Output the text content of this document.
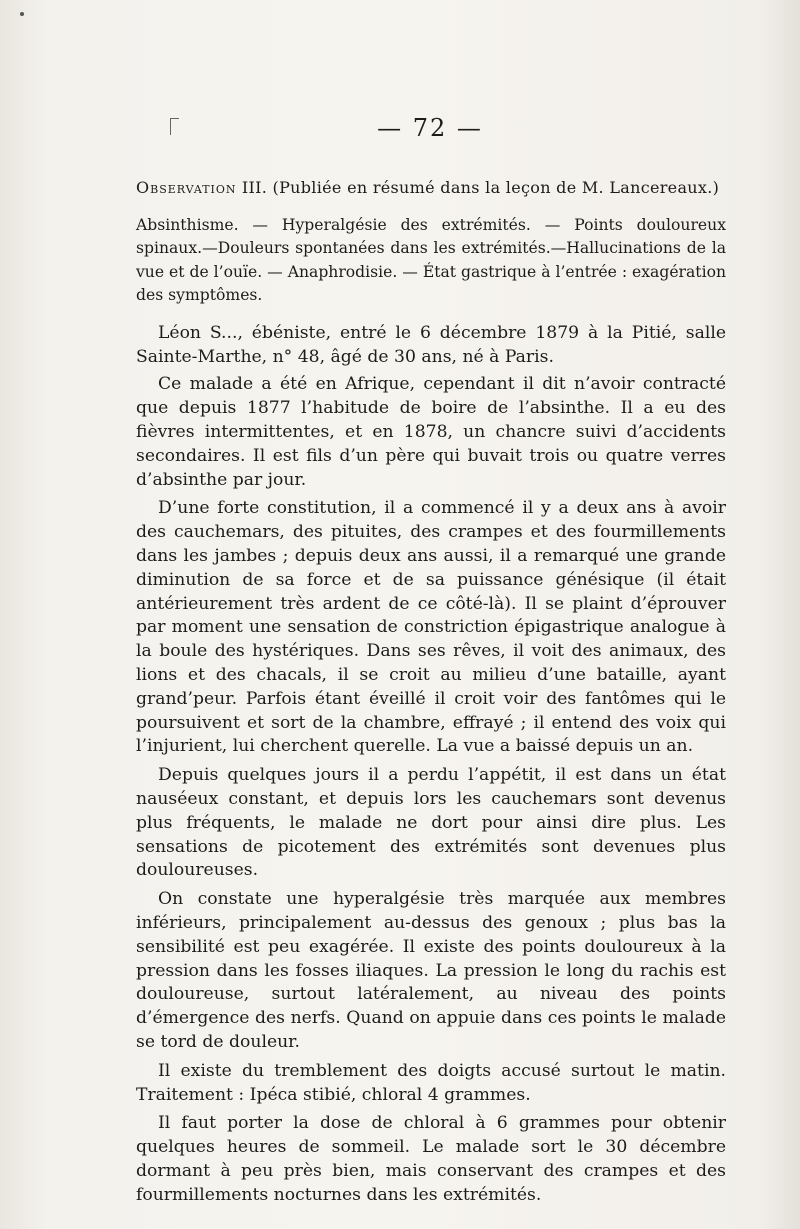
— 72 —

Observation III. (Publiée en résumé dans la leçon de M. Lancereaux.)

Absinthisme. — Hyperalgésie des extrémités. — Points douloureux spinaux.—Douleurs spontanées dans les extrémités.—Hallucinations de la vue et de l’ouïe. — Anaphrodisie. — État gastrique à l’entrée : exagération des symptômes.

Léon S..., ébéniste, entré le 6 décembre 1879 à la Pitié, salle Sainte-Marthe, n° 48, âgé de 30 ans, né à Paris.

Ce malade a été en Afrique, cependant il dit n’avoir contracté que depuis 1877 l’habitude de boire de l’absinthe. Il a eu des fièvres intermittentes, et en 1878, un chancre suivi d’accidents secondaires. Il est fils d’un père qui buvait trois ou quatre verres d’absinthe par jour.

D’une forte constitution, il a commencé il y a deux ans à avoir des cauchemars, des pituites, des crampes et des fourmillements dans les jambes ; depuis deux ans aussi, il a remarqué une grande diminution de sa force et de sa puissance génésique (il était antérieurement très ardent de ce côté-là). Il se plaint d’éprouver par moment une sensation de constriction épigastrique analogue à la boule des hystériques. Dans ses rêves, il voit des animaux, des lions et des chacals, il se croit au milieu d’une bataille, ayant grand’peur. Parfois étant éveillé il croit voir des fantômes qui le poursuivent et sort de la chambre, effrayé ; il entend des voix qui l’injurient, lui cherchent querelle. La vue a baissé depuis un an.

Depuis quelques jours il a perdu l’appétit, il est dans un état nauséeux constant, et depuis lors les cauchemars sont devenus plus fréquents, le malade ne dort pour ainsi dire plus. Les sensations de picotement des extrémités sont devenues plus douloureuses.

On constate une hyperalgésie très marquée aux membres inférieurs, principalement au-dessus des genoux ; plus bas la sensibilité est peu exagérée. Il existe des points douloureux à la pression dans les fosses iliaques. La pression le long du rachis est douloureuse, surtout latéralement, au niveau des points d’émergence des nerfs. Quand on appuie dans ces points le malade se tord de douleur.

Il existe du tremblement des doigts accusé surtout le matin. Traitement : Ipéca stibié, chloral 4 grammes.

Il faut porter la dose de chloral à 6 grammes pour obtenir quelques heures de sommeil. Le malade sort le 30 décembre dormant à peu près bien, mais conservant des crampes et des fourmillements nocturnes dans les extrémités.
